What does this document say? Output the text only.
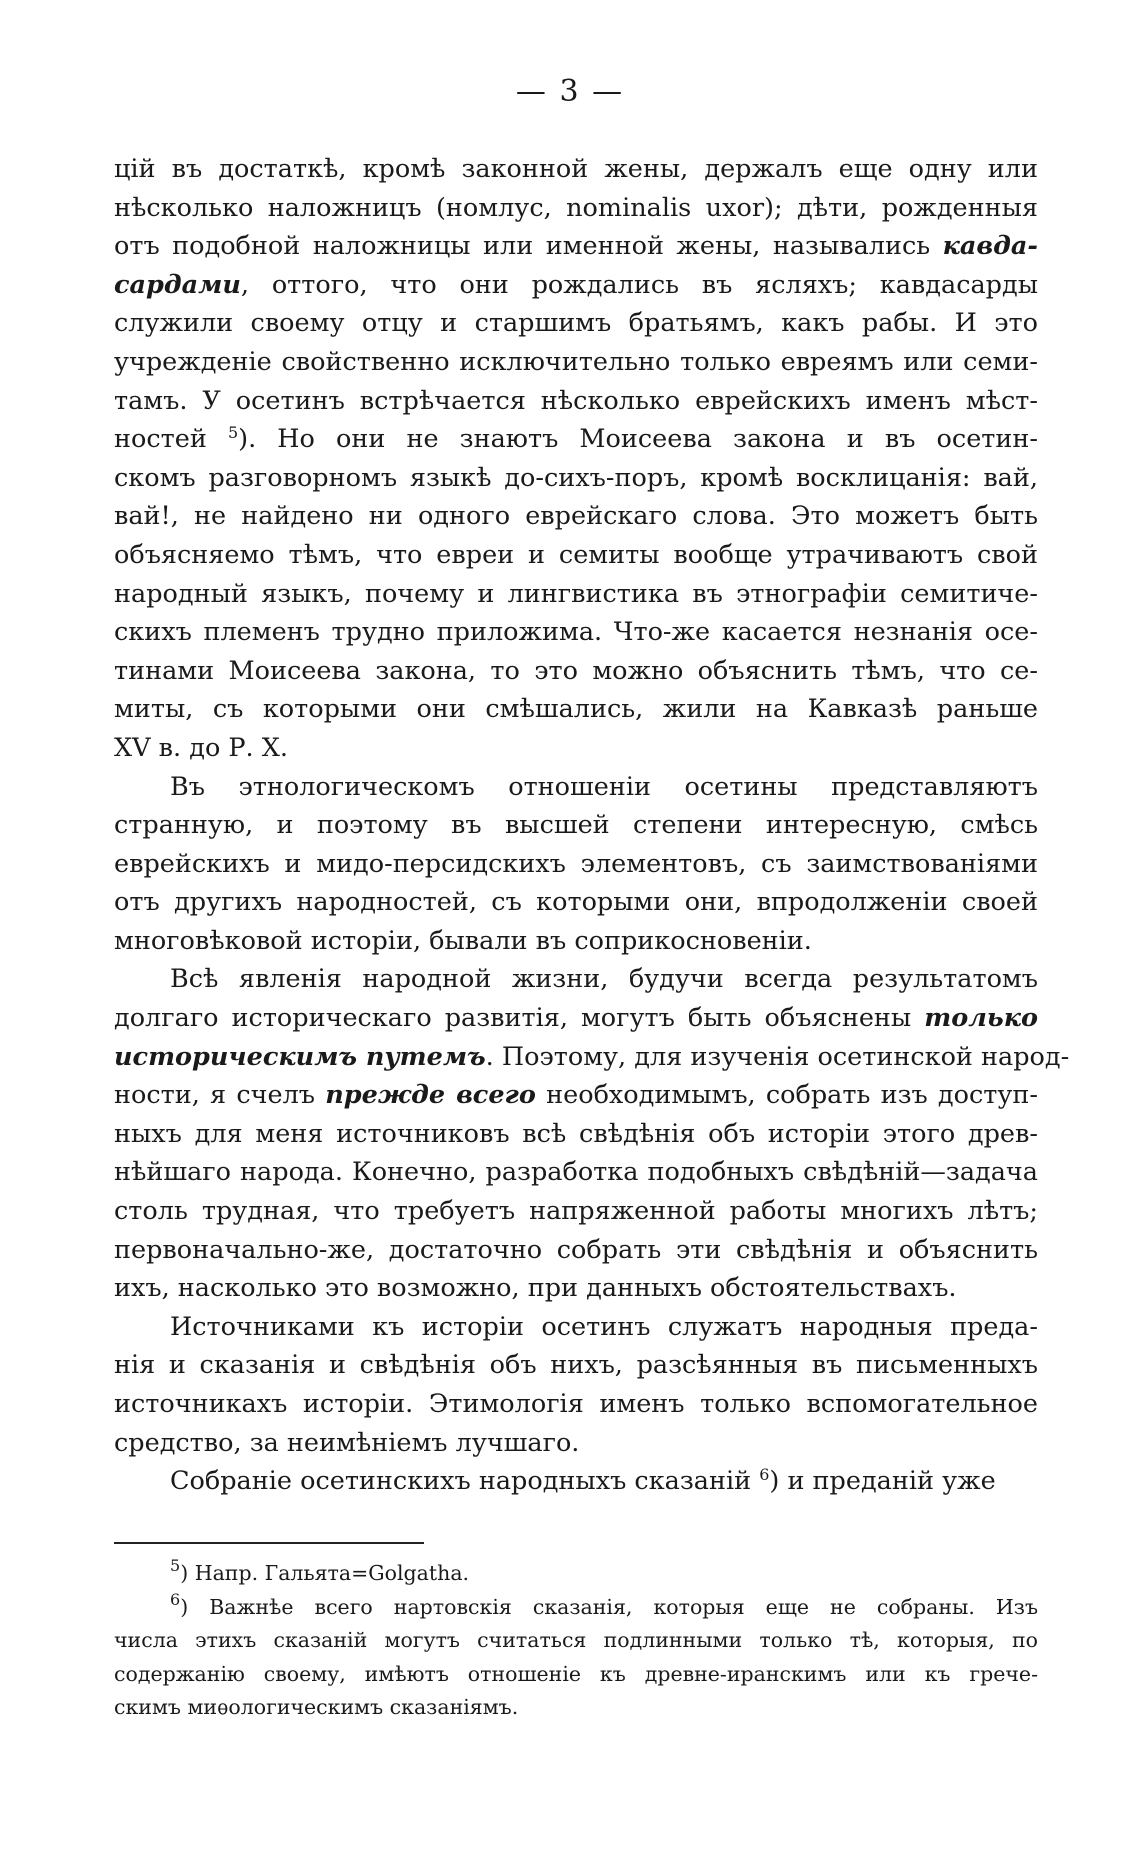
— 3 —
цій въ достаткѣ, кромѣ законной жены, держалъ еще одну или
нѣсколько наложницъ (номлус, nominalis uxor); дѣти, рожденныя
отъ подобной наложницы или именной жены, назывались кавда-
сардами, оттого, что они рождались въ ясляхъ; кавдасарды
служили своему отцу и старшимъ братьямъ, какъ рабы. И это
учрежденіе свойственно исключительно только евреямъ или семи-
тамъ. У осетинъ встрѣчается нѣсколько еврейскихъ именъ мѣст-
ностей $^5$). Но они не знаютъ Моисеева закона и въ осетин-
скомъ разговорномъ языкѣ до-сихъ-поръ, кромѣ восклицанія: вай,
вай!, не найдено ни одного еврейскаго слова. Это можетъ быть
объясняемо тѣмъ, что евреи и семиты вообще утрачиваютъ свой
народный языкъ, почему и лингвистика въ этнографіи семитиче-
скихъ племенъ трудно приложима. Что-же касается незнанія осе-
тинами Моисеева закона, то это можно объяснить тѣмъ, что се-
миты, съ которыми они смѣшались, жили на Кавказѣ раньше
XV в. до Р. X.
Въ этнологическомъ отношеніи осетины представляютъ
странную, и поэтому въ высшей степени интересную, смѣсь
еврейскихъ и мидо-персидскихъ элементовъ, съ заимствованіями
отъ другихъ народностей, съ которыми они, впродолженіи своей
многовѣковой исторіи, бывали въ соприкосновеніи.
Всѣ явленія народной жизни, будучи всегда результатомъ
долгаго историческаго развитія, могутъ быть объяснены только
историческимъ путемъ. Поэтому, для изученія осетинской народ-
ности, я счелъ прежде всего необходимымъ, собрать изъ доступ-
ныхъ для меня источниковъ всѣ свѣдѣнія объ исторіи этого древ-
нѣйшаго народа. Конечно, разработка подобныхъ свѣдѣній—задача
столь трудная, что требуетъ напряженной работы многихъ лѣтъ;
первоначально-же, достаточно собрать эти свѣдѣнія и объяснить
ихъ, насколько это возможно, при данныхъ обстоятельствахъ.
Источниками къ исторіи осетинъ служатъ народныя преда-
нія и сказанія и свѣдѣнія объ нихъ, разсѣянныя въ письменныхъ
источникахъ исторіи. Этимологія именъ только вспомогательное
средство, за неимѣніемъ лучшаго.
Собраніе осетинскихъ народныхъ сказаній $^6$) и преданій уже
$^5$) Напр. Гальята=Golgatha.
$^6$) Важнѣе всего нартовскія сказанія, которыя еще не собраны. Изъ
числа этихъ сказаній могутъ считаться подлинными только тѣ, которыя, по
содержанію своему, имѣютъ отношеніе къ древне-иранскимъ или къ грече-
скимъ миѳологическимъ сказаніямъ.
